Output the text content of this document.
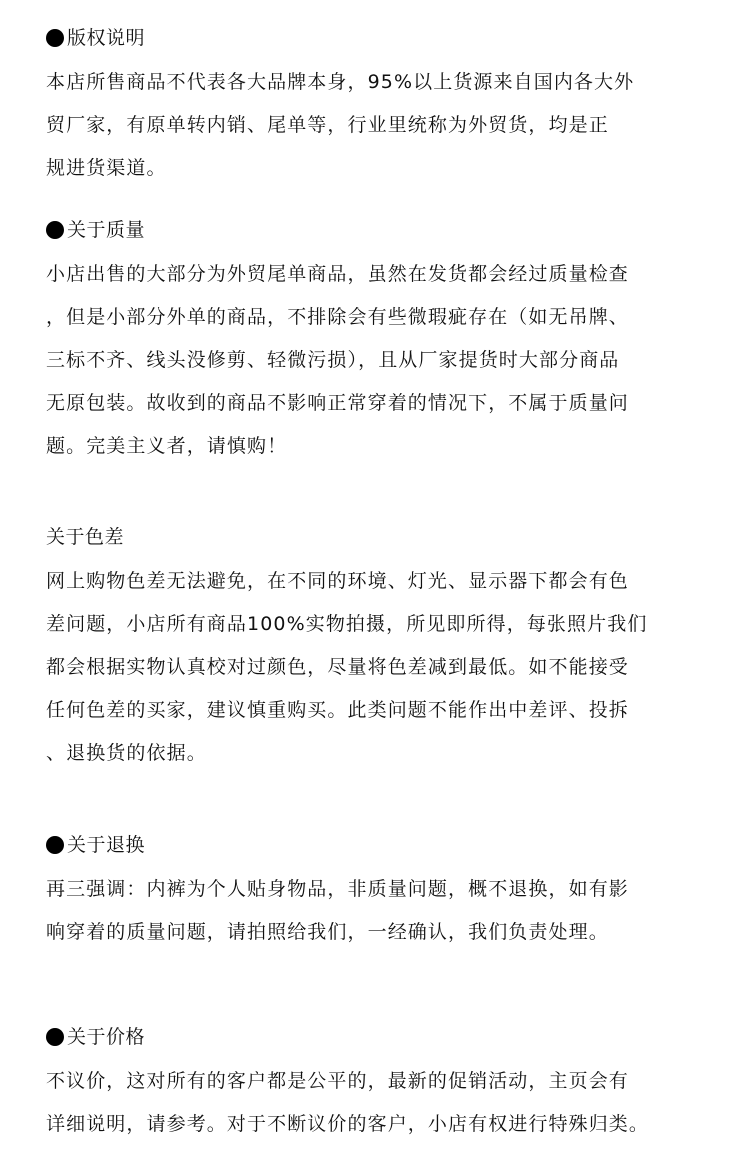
版权说明
本店所售商品不代表各大品牌本身，95%以上货源来自国内各大外
贸厂家，有原单转内销、尾单等，行业里统称为外贸货，均是正
规进货渠道。
关于质量
小店出售的大部分为外贸尾单商品，虽然在发货都会经过质量检查
，但是小部分外单的商品，不排除会有些微瑕疵存在（如无吊牌、
三标不齐、线头没修剪、轻微污损），且从厂家提货时大部分商品
无原包装。故收到的商品不影响正常穿着的情况下，不属于质量问
题。完美主义者，请慎购！
关于色差
网上购物色差无法避免，在不同的环境、灯光、显示器下都会有色
差问题，小店所有商品100%实物拍摄，所见即所得，每张照片我们
都会根据实物认真校对过颜色，尽量将色差减到最低。如不能接受
任何色差的买家，建议慎重购买。此类问题不能作出中差评、投拆
、退换货的依据。
关于退换
再三强调：内裤为个人贴身物品，非质量问题，概不退换，如有影
响穿着的质量问题，请拍照给我们，一经确认，我们负责处理。
关于价格
不议价，这对所有的客户都是公平的，最新的促销活动，主页会有
详细说明，请参考。对于不断议价的客户，小店有权进行特殊归类。
